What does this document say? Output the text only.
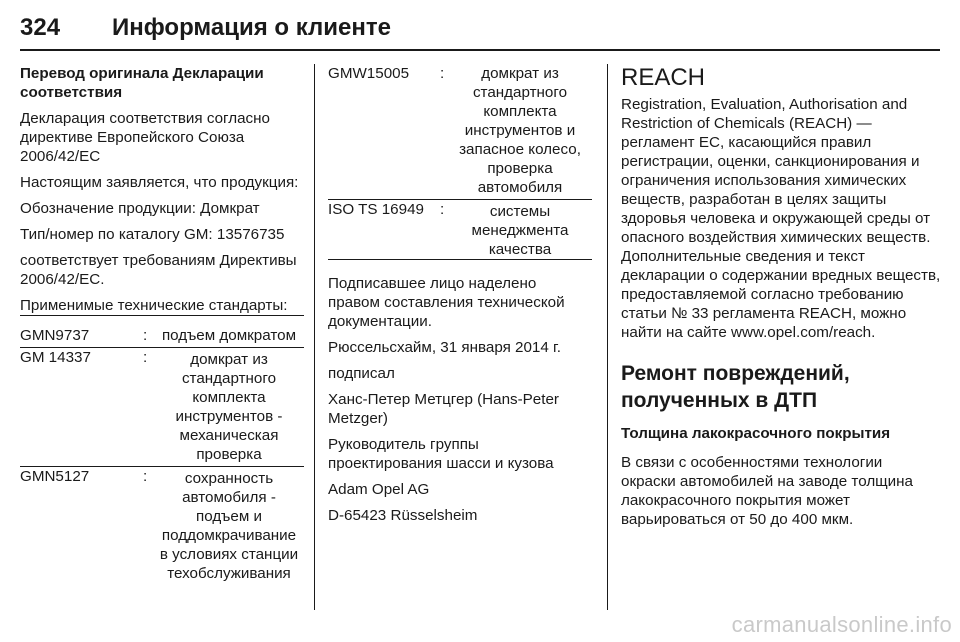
324 Информация о клиенте

Перевод оригинала Декларации соответствия

Декларация соответствия согласно директиве Европейского Союза 2006/42/EC

Настоящим заявляется, что продукция:

Обозначение продукции: Домкрат

Тип/номер по каталогу GM: 13576735

соответствует требованиям Директивы 2006/42/EC.

Применимые технические стандарты:

GMN9737	: подъем домкратом
GM 14337	:	домкрат из стандартного комплекта инструментов - механическая проверка
GMN5127	:	сохранность автомобиля - подъем и поддомкрачивание в условиях станции техобслуживания
GMW15005 :	домкрат из стандартного комплекта инструментов и запасное колесо, проверка автомобиля
ISO TS 16949 :	системы менеджмента качества

Подписавшее лицо наделено правом составления технической документации.

Рюссельсхайм, 31 января 2014 г.

подписал

Ханс-Петер Метцгер (Hans-Peter Metzger)

Руководитель группы проектирования шасси и кузова

Adam Opel AG

D-65423 Rüsselsheim

REACH

Registration, Evaluation, Authorisation and Restriction of Chemicals (REACH) — регламент ЕС, касающийся правил регистрации, оценки, санкционирования и ограничения использования химических веществ, разработан в целях защиты здоровья человека и окружающей среды от опасного воздействия химических веществ. Дополнительные сведения и текст декларации о содержании вредных веществ, предоставляемой согласно требованию статьи № 33 регламента REACH, можно найти на сайте www.opel.com/reach.

Ремонт повреждений, полученных в ДТП
Толщина лакокрасочного покрытия

В связи с особенностями технологии окраски автомобилей на заводе толщина лакокрасочного покрытия может варьироваться от 50 до 400 мкм.

carmanualsonline.info
